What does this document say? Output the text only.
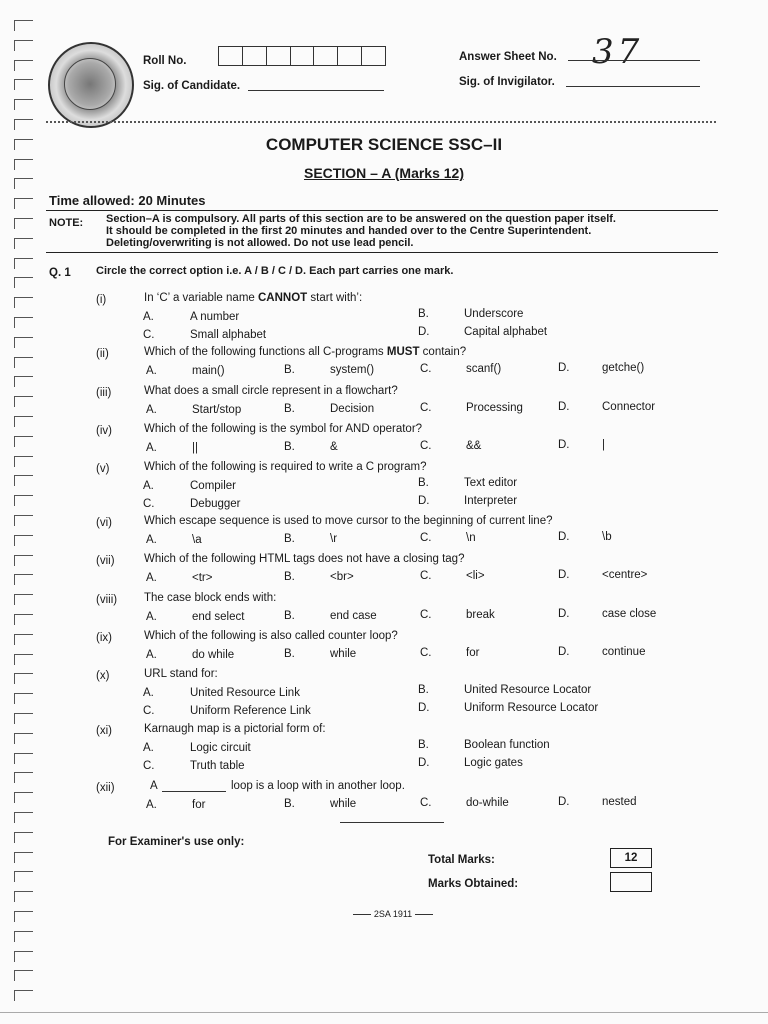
Roll No.
Sig. of Candidate.
Answer Sheet No. 37
Sig. of Invigilator.
COMPUTER SCIENCE SSC–II
SECTION – A (Marks 12)
Time allowed: 20 Minutes
NOTE: Section–A is compulsory. All parts of this section are to be answered on the question paper itself.
It should be completed in the first 20 minutes and handed over to the Centre Superintendent.
Deleting/overwriting is not allowed. Do not use lead pencil.
Q. 1 Circle the correct option i.e. A / B / C / D. Each part carries one mark.
(i)	In ‘C’ a variable name CANNOT start with’:
A.	A number	B.	Underscore
C.	Small alphabet	D.	Capital alphabet
(ii)	Which of the following functions all C-programs MUST contain?
A.	main()	B.	system()	C.	scanf()	D.	getche()
(iii)	What does a small circle represent in a flowchart?
A.	Start/stop	B.	Decision	C.	Processing	D.	Connector
(iv)	Which of the following is the symbol for AND operator?
A.	||	B.	&	C.	&&	D.	|
(v)	Which of the following is required to write a C program?
A.	Compiler	B.	Text editor
C.	Debugger	D.	Interpreter
(vi)	Which escape sequence is used to move cursor to the beginning of current line?
A.	\a	B.	\r	C.	\n	D.	\b
(vii)	Which of the following HTML tags does not have a closing tag?
A.	<tr>	B.	<br>	C.	<li>	D.	<centre>
(viii) The case block ends with:
A.	end select	B.	end case	C.	break	D.	case close
(ix)	Which of the following is also called counter loop?
A.	do while	B.	while	C.	for	D.	continue
(x)	URL stand for:
A.	United Resource Link	B.	United Resource Locator
C.	Uniform Reference Link	D.	Uniform Resource Locator
(xi)	Karnaugh map is a pictorial form of:
A.	Logic circuit	B.	Boolean function
C.	Truth table	D.	Logic gates
(xii)	A	loop is a loop with in another loop.
A.	for	B.	while	C.	do-while	D.	nested
For Examiner's use only:
Total Marks:	12
Marks Obtained:
2SA 1911
